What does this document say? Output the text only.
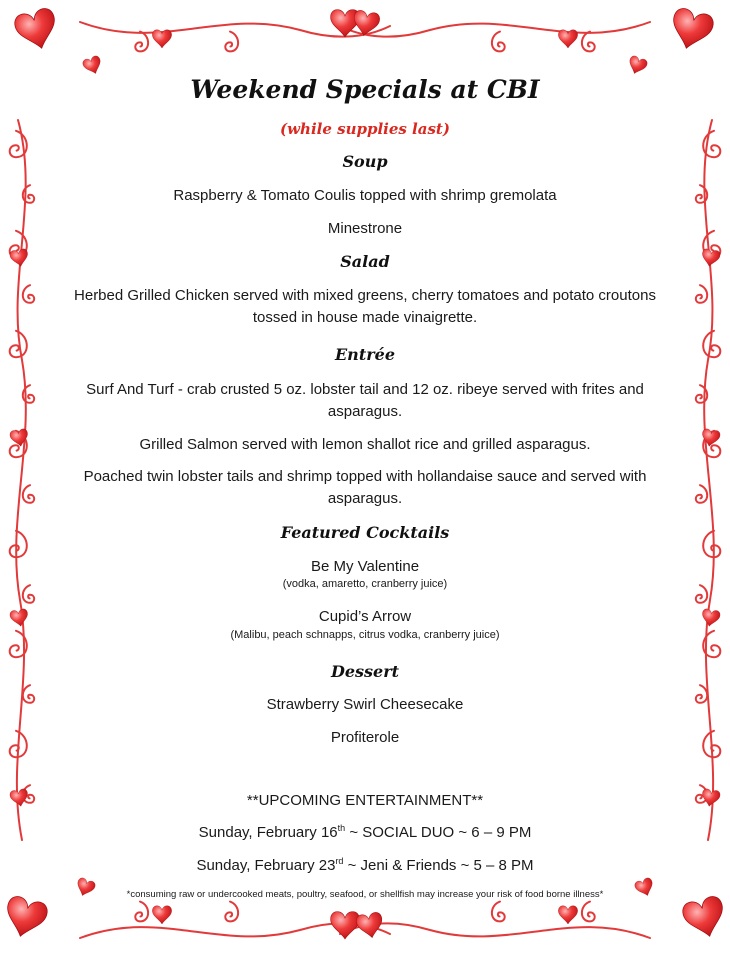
Weekend Specials at CBI
(while supplies last)
Soup
Raspberry & Tomato Coulis topped with shrimp gremolata
Minestrone
Salad
Herbed Grilled Chicken served with mixed greens, cherry tomatoes and potato croutons
tossed in house made vinaigrette.
Entrée
Surf And Turf - crab crusted 5 oz. lobster tail and 12 oz. ribeye served with frites and
asparagus.
Grilled Salmon served with lemon shallot rice and grilled asparagus.
Poached twin lobster tails and shrimp topped with hollandaise sauce and served with
asparagus.
Featured Cocktails
Be My Valentine
(vodka, amaretto, cranberry juice)
Cupid’s Arrow
(Malibu, peach schnapps, citrus vodka, cranberry juice)
Dessert
Strawberry Swirl Cheesecake
Profiterole
**UPCOMING ENTERTAINMENT**
Sunday, February 16th ~ SOCIAL DUO ~ 6 – 9 PM
Sunday, February 23rd ~ Jeni & Friends ~ 5 – 8 PM
*consuming raw or undercooked meats, poultry, seafood, or shellfish may increase your risk of food borne illness*
